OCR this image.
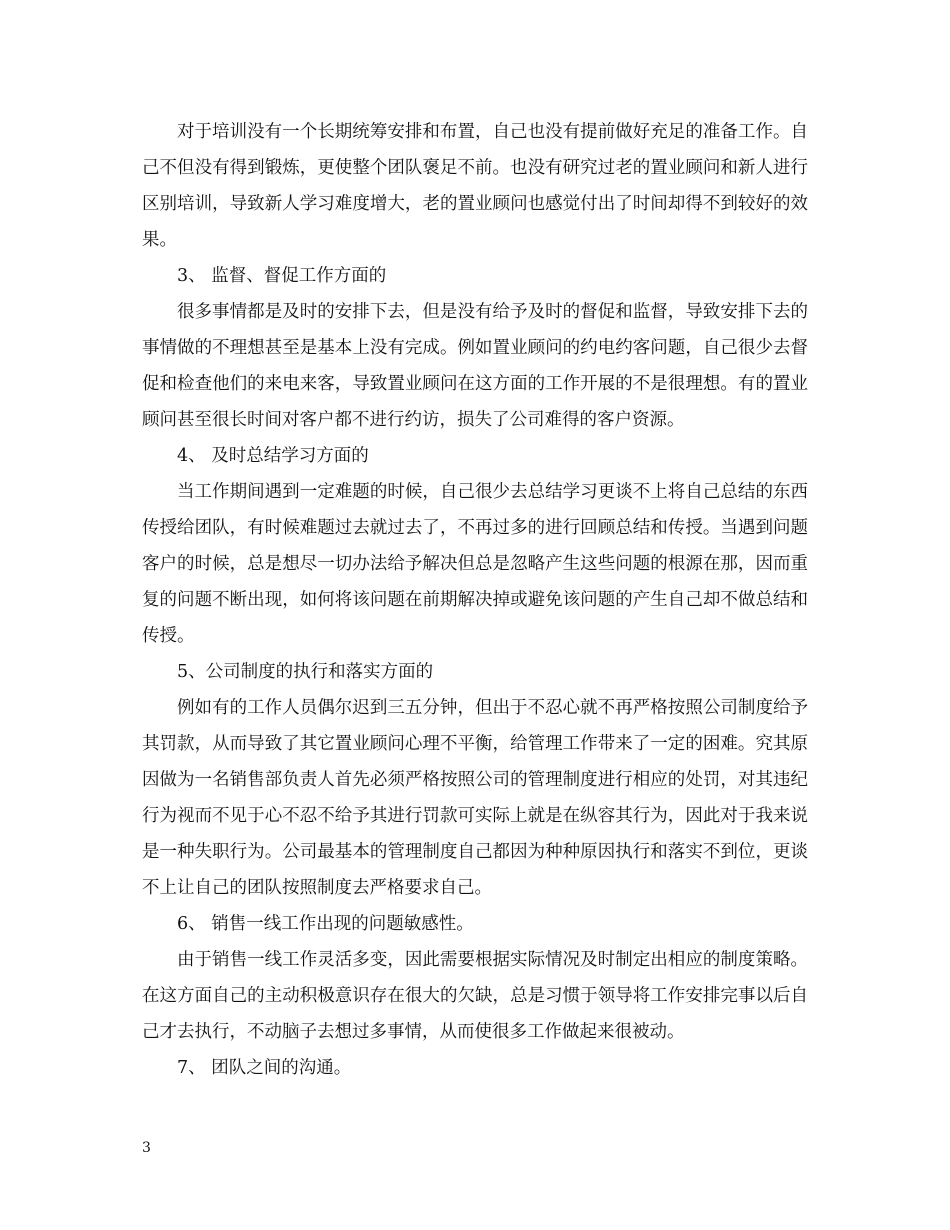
对于培训没有一个长期统筹安排和布置，自己也没有提前做好充足的准备工作。自己不但没有得到锻炼，更使整个团队褒足不前。也没有研究过老的置业顾问和新人进行区别培训，导致新人学习难度增大，老的置业顾问也感觉付出了时间却得不到较好的效果。

3、 监督、督促工作方面的

很多事情都是及时的安排下去，但是没有给予及时的督促和监督，导致安排下去的事情做的不理想甚至是基本上没有完成。例如置业顾问的约电约客问题，自己很少去督促和检查他们的来电来客，导致置业顾问在这方面的工作开展的不是很理想。有的置业顾问甚至很长时间对客户都不进行约访，损失了公司难得的客户资源。

4、 及时总结学习方面的

当工作期间遇到一定难题的时候，自己很少去总结学习更谈不上将自己总结的东西传授给团队，有时候难题过去就过去了，不再过多的进行回顾总结和传授。当遇到问题客户的时候，总是想尽一切办法给予解决但总是忽略产生这些问题的根源在那，因而重复的问题不断出现，如何将该问题在前期解决掉或避免该问题的产生自己却不做总结和传授。

5、公司制度的执行和落实方面的

例如有的工作人员偶尔迟到三五分钟，但出于不忍心就不再严格按照公司制度给予其罚款，从而导致了其它置业顾问心理不平衡，给管理工作带来了一定的困难。究其原因做为一名销售部负责人首先必须严格按照公司的管理制度进行相应的处罚，对其违纪行为视而不见于心不忍不给予其进行罚款可实际上就是在纵容其行为，因此对于我来说是一种失职行为。公司最基本的管理制度自己都因为种种原因执行和落实不到位，更谈不上让自己的团队按照制度去严格要求自己。

6、 销售一线工作出现的问题敏感性。

由于销售一线工作灵活多变，因此需要根据实际情况及时制定出相应的制度策略。在这方面自己的主动积极意识存在很大的欠缺，总是习惯于领导将工作安排完事以后自己才去执行，不动脑子去想过多事情，从而使很多工作做起来很被动。

7、 团队之间的沟通。

3
